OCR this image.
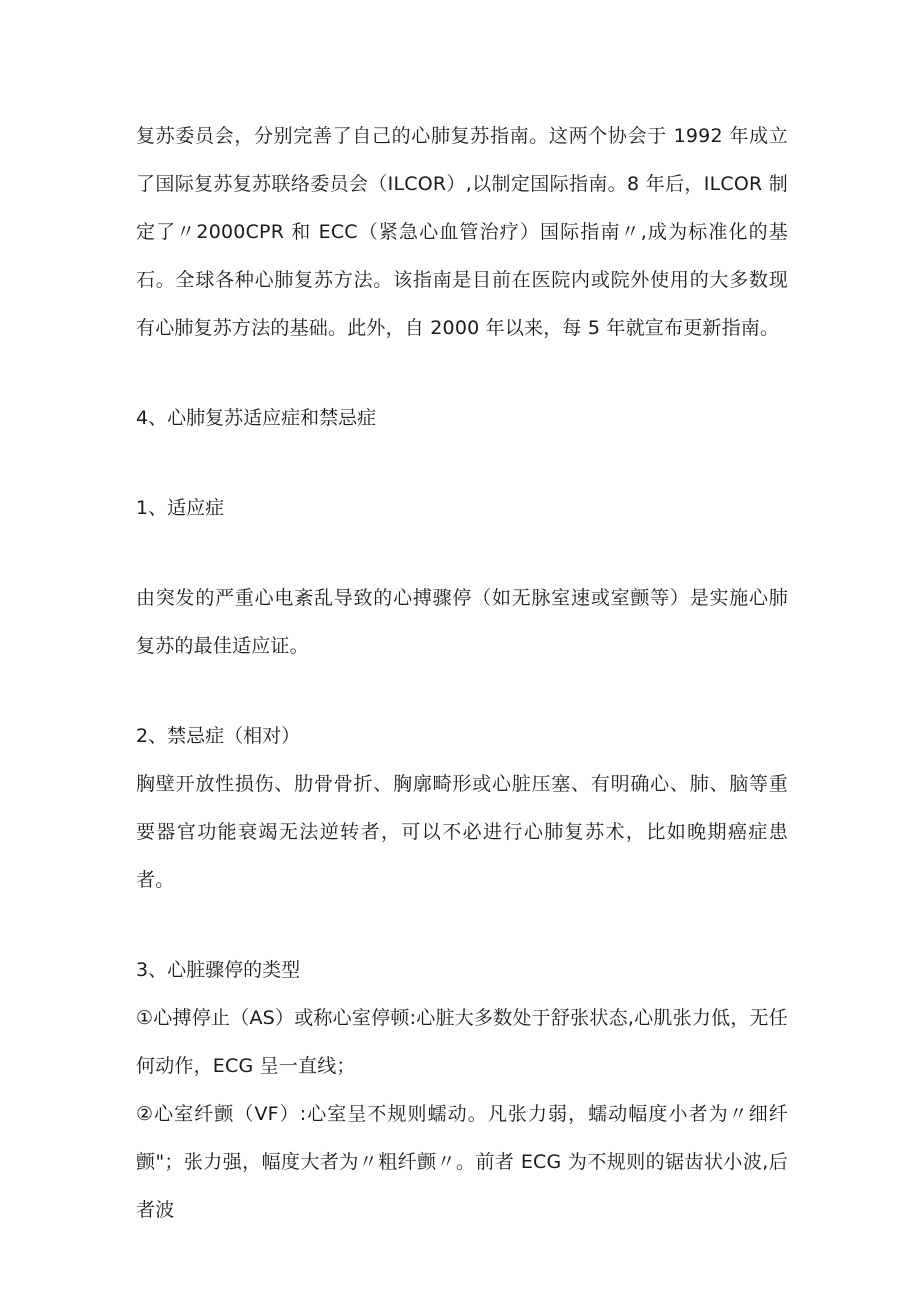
复苏委员会，分别完善了自己的心肺复苏指南。这两个协会于 1992 年成立了国际复苏复苏联络委员会（ILCOR）,以制定国际指南。8 年后，ILCOR 制定了〃2000CPR 和 ECC（紧急心血管治疗）国际指南〃,成为标准化的基石。全球各种心肺复苏方法。该指南是目前在医院内或院外使用的大多数现有心肺复苏方法的基础。此外，自 2000 年以来，每 5 年就宣布更新指南。

4、心肺复苏适应症和禁忌症

1、适应症

由突发的严重心电紊乱导致的心搏骤停（如无脉室速或室颤等）是实施心肺复苏的最佳适应证。

2、禁忌症（相对）

胸壁开放性损伤、肋骨骨折、胸廓畸形或心脏压塞、有明确心、肺、脑等重要器官功能衰竭无法逆转者，可以不必进行心肺复苏术，比如晚期癌症患者。

3、心脏骤停的类型

①心搏停止（AS）或称心室停顿:心脏大多数处于舒张状态,心肌张力低，无任何动作，ECG 呈一直线；

②心室纤颤（VF）:心室呈不规则蠕动。凡张力弱，蠕动幅度小者为〃细纤颤"；张力强，幅度大者为〃粗纤颤〃。前者 ECG 为不规则的锯齿状小波,后者波
